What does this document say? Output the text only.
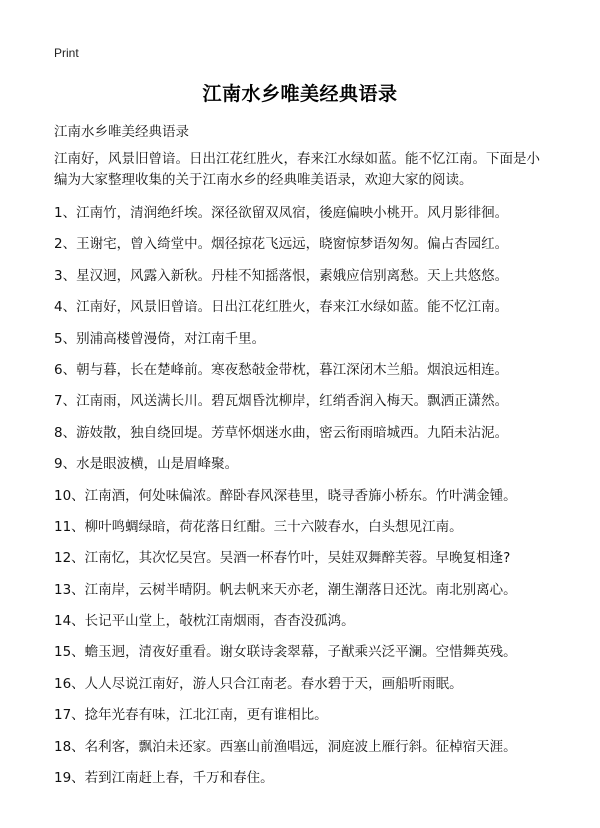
Print
江南水乡唯美经典语录
江南水乡唯美经典语录
江南好，风景旧曾谙。日出江花红胜火，春来江水绿如蓝。能不忆江南。下面是小编为大家整理收集的关于江南水乡的经典唯美语录，欢迎大家的阅读。
1、江南竹，清润绝纤埃。深径欲留双凤宿，後庭偏映小桃开。风月影徘徊。
2、王谢宅，曾入绮堂中。烟径掠花飞远远，晓窗惊梦语匆匆。偏占杏园红。
3、星汉迥，风露入新秋。丹桂不知摇落恨，素娥应信别离愁。天上共悠悠。
4、江南好，风景旧曾谙。日出江花红胜火，春来江水绿如蓝。能不忆江南。
5、别浦高楼曾漫倚，对江南千里。
6、朝与暮，长在楚峰前。寒夜愁敧金带枕，暮江深闭木兰船。烟浪远相连。
7、江南雨，风送满长川。碧瓦烟昏沈柳岸，红绡香润入梅天。飘洒正潇然。
8、游妓散，独自绕回堤。芳草怀烟迷水曲，密云衔雨暗城西。九陌未沾泥。
9、水是眼波横，山是眉峰聚。
10、江南酒，何处味偏浓。醉卧春风深巷里，晓寻香旆小桥东。竹叶满金锺。
11、柳叶鸣蜩绿暗，荷花落日红酣。三十六陂春水，白头想见江南。
12、江南忆，其次忆吴宫。吴酒一杯春竹叶，吴娃双舞醉芙蓉。早晚复相逢?
13、江南岸，云树半晴阴。帆去帆来天亦老，潮生潮落日还沈。南北别离心。
14、长记平山堂上，敧枕江南烟雨，杳杳没孤鸿。
15、蟾玉迥，清夜好重看。谢女联诗衾翠幕，子猷乘兴泛平澜。空惜舞英残。
16、人人尽说江南好，游人只合江南老。春水碧于天，画船听雨眠。
17、捻年光春有味，江北江南，更有谁相比。
18、名利客，飘泊未还家。西塞山前渔唱远，洞庭波上雁行斜。征棹宿天涯。
19、若到江南赶上春，千万和春住。
